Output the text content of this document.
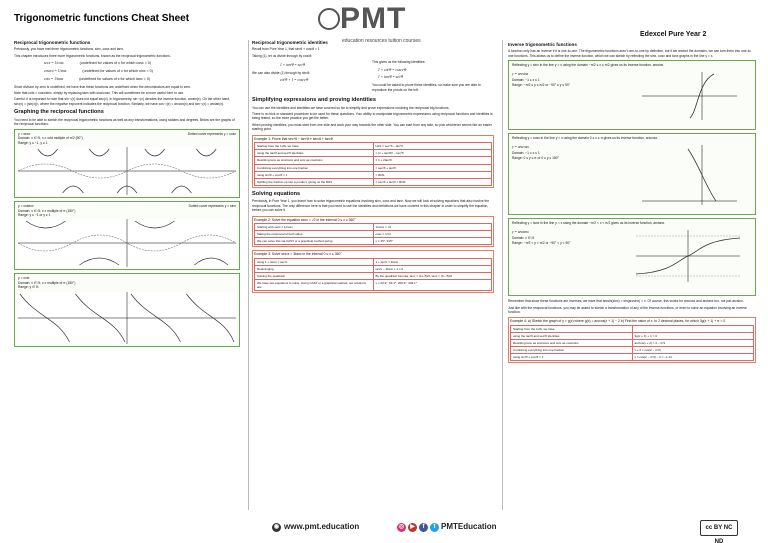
Trigonometric functions Cheat Sheet	PMT
education resources tuition courses
Edexcel Pure Year 2
Reciprocal trigonometric functions

Previously, you have met three trigonometric functions, sinx, cosx and tanx.

This chapter introduces three more trigonometric functions, known as the reciprocal trigonometric functions.

secx = 1/cosx	(undefined for values of x for which cosx = 0)
cosecx = 1/sinx	(undefined for values of x for which sinx = 0)
cotx = 1/tanx	(undefined for values of x for which tanx = 0)

Since division by zero is undefined, we have that these functions are undefined when the denominators are equal to zero.

Note that cotx = cosx/sinx, simply by replacing tanx with sinx/cosx. This will sometimes be a more useful form to use.

Careful: it is important to note that sin⁻¹(x) does not equal sec(x). In trigonometry, sin⁻¹(x) denotes the inverse function, arcsin(x). On the other hand, sin²(x) = (sin(x))², where the negative exponent indicates the reciprocal function. Similarly, we have cos⁻¹(x) = arccos(x) and tan⁻¹(x) = arctan(x).

Graphing the reciprocal functions

You need to be able to sketch the reciprocal trigonometric functions as well as any transformations, using radians and degrees. Below are the graphs of the reciprocal functions:

y = secx
Domain: x ∈ ℝ, x ≠ odd multiple of π/2 (90°)
Range: y ≤ −1, y ≥ 1
Dotted curve represents y = cosx
y = cosecx
Domain: x ∈ ℝ, x ≠ multiple of π (180°)
Range: y ≤ −1 or y ≥ 1
Dotted curve represents y = sinx
y = cotx
Domain: x ∈ ℝ, x ≠ multiple of π (180°)
Range: y ∈ ℝ
Reciprocal trigonometric identities

Recall from Pure Year 1, that sin²θ + cos²θ = 1

Taking (1), let us divide through by cos²θ:

1 + tan²θ = sec²θ

We can also divide (1) through by sin²θ:

cot²θ + 1 = cosec²θ

This gives us the following identities:

1 + cot²θ = cosec²θ
1 + tan²θ = sec²θ

You could be asked to prove these identities, so make sure you are able to reproduce the proofs on the left.

Simplifying expressions and proving identities

You can use the identities and identities we have covered so far to simplify and prove expressions involving the reciprocal trig functions.

There is no trick or standard procedure to be used for these questions. Your ability to manipulate trigonometric expressions using reciprocal functions and identities is being tested, so the more practice you get the better.

When proving identities, you must start from one side and work your way towards the other side. You can start from any side, so pick whichever seems like an easier starting point.

Example 1: Prove that sec⁴θ − tan⁴θ ≡ sec²θ + tan²θ
Starting from the LHS, we have	LHS = sec⁴θ − tan⁴θ
using the tan²θ and sec²θ identities	= (1 + tan²θ)² − tan⁴θ
Rewriting tanx as sinx/cosx and cotx as cosx/sinx	= 1 + 2tan²θ
Combining everything into one fraction	= sec²θ + tan²θ
using sin²θ + cos²θ = 1	= RHS
Splitting the fraction up into a product, giving us the RHS	= sec²θ + tan²θ = RHS
Solving equations

Previously, in Pure Year 1, you learnt how to solve trigonometric equations involving sinx, cosx and tanx. Now we will look at solving equations that also involve the reciprocal functions. The only difference here is that you need to use the identities and definitions we have covered in this chapter in order to simplify the equation, before you can solve it.

Example 2: Solve the equation secx = √2 in the interval 0 ≤ x ≤ 360°
Starting with secx = 1/cosx	1/cosx = √2
Taking the reciprocal of both sides	cosx = 1/√2
We can solve this via CAST or a graphical method giving	x = 45°, 315°
Example 3: Solve sec²x = 3tanx in the interval 0 ≤ x ≤ 360°
using 1 + tan²x = sec²x	1 + tan²x = 3tanx
Rearranging	tan²x − 3tanx + 1 = 0
Solving the quadratic	By the quadratic formula, tanx = (3+√5)/2, tanx = (3−√5)/2
We have two equations to solve. Using CAST or a graphical method, our solutions are:	x = 20.9°, 69.1°, 200.9°, 249.1°
Inverse trigonometric functions

A function only has an inverse if it is one-to-one. The trigonometric functions aren't one-to-one by definition, but if we restrict the domains, we can turn them into one-to-one functions. This allows us to define the inverse function, which we can sketch by reflecting the sinx, cosx and tanx graphs in the line y = x.

Reflecting y = sinx in the line y = x using the domain −π/2 ≤ x ≤ π/2 gives us its inverse function, arcsinx.

y = arcsinx
Domain: −1 ≤ x ≤ 1
Range: −π/2 ≤ y ≤ π/2 or −90° ≤ y ≤ 90°

Reflecting y = cosx in the line y = x using the domain 0 ≤ x ≤ π gives us its inverse function, arccosx.

y = arccosx
Domain: −1 ≤ x ≤ 1
Range: 0 ≤ y ≤ π or 0 ≤ y ≤ 180°

Reflecting y = tanx in the line y = x using the domain −π/2 < x < π/2 gives us its inverse function, arctanx.

y = arctanx
Domain: x ∈ ℝ
Range: −π/2 < y < π/2 or −90° < y < 90°

Remember that since these functions are inverses, we have that arcsin(sinx) = sin(arcsinx) = x. Of course, this works for arccosx and arctanx too, not just arcsinx.

Just like with the reciprocal functions, you may be asked to sketch a transformation of any of the inverse functions, or even to solve an equation involving an inverse function.

Example 4: a) Sketch the graph of y = g(x) where g(x) = arccos(x + 1) − 2 b) Find the value of x, to 2 decimal places, for which 3g(x + 1) + π = 0
Starting from the LHS, we have	
using the tan²θ and sec²θ identities	3g(x + 1) + π = 0
Rewriting tanx as sinx/cosx and cotx as cosx/sinx	arccos(x + 2) = 2 − π/3
Combining everything into one fraction	x + 2 = cos(2 − π/3)
using sin²θ + cos²θ = 1	x = cos(2 − π/3) − 2 = −1.14
◉ www.pmt.education	◎	▶	f	t PMTEducation	cc BY NC ND
